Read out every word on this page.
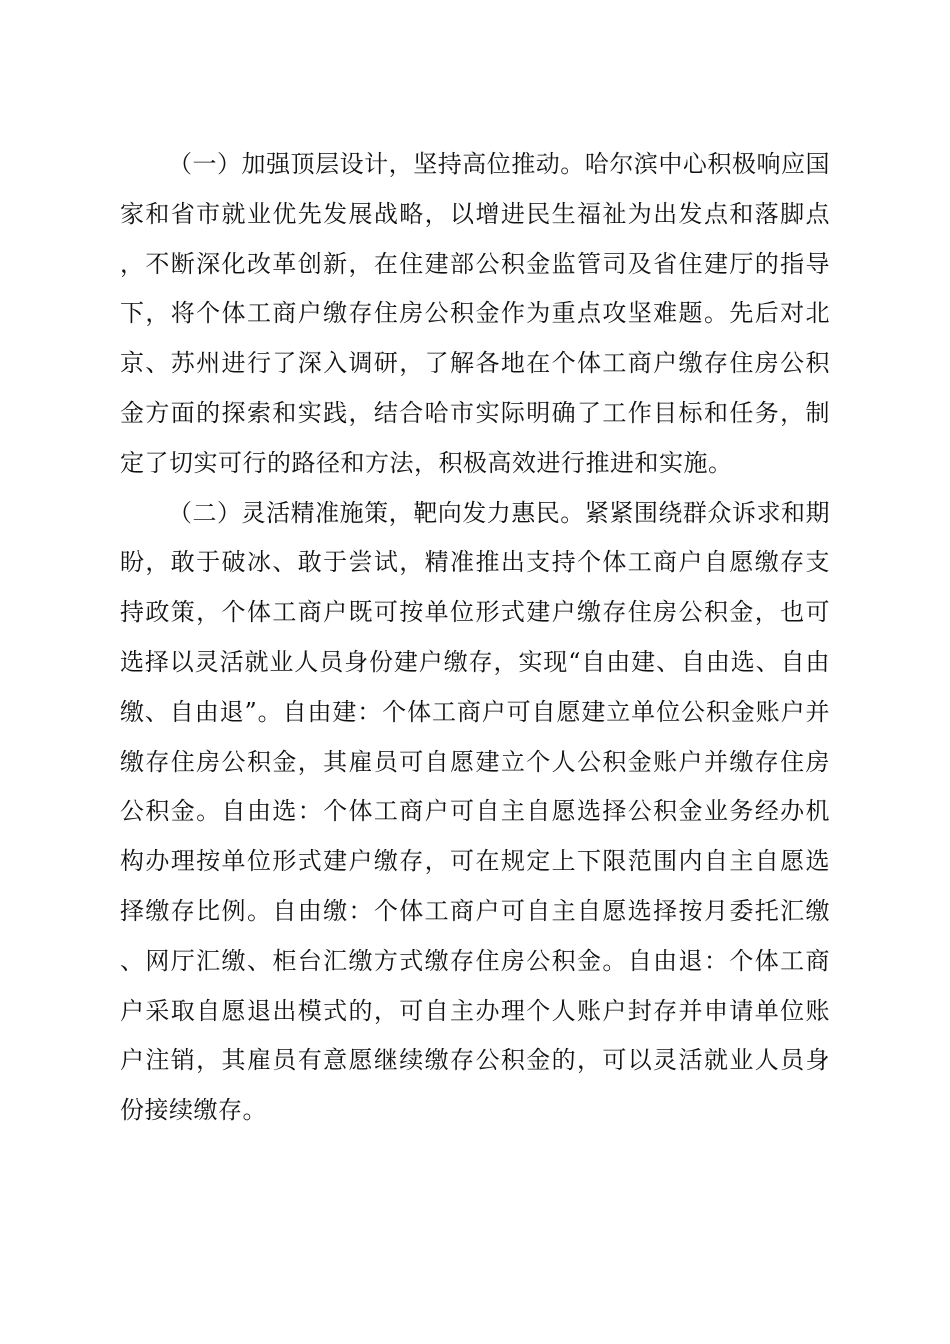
（一）加强顶层设计，坚持高位推动。哈尔滨中心积极响应国家和省市就业优先发展战略，以增进民生福祉为出发点和落脚点，不断深化改革创新，在住建部公积金监管司及省住建厅的指导下，将个体工商户缴存住房公积金作为重点攻坚难题。先后对北京、苏州进行了深入调研，了解各地在个体工商户缴存住房公积金方面的探索和实践，结合哈市实际明确了工作目标和任务，制定了切实可行的路径和方法，积极高效进行推进和实施。

（二）灵活精准施策，靶向发力惠民。紧紧围绕群众诉求和期盼，敢于破冰、敢于尝试，精准推出支持个体工商户自愿缴存支持政策，个体工商户既可按单位形式建户缴存住房公积金，也可选择以灵活就业人员身份建户缴存，实现“自由建、自由选、自由缴、自由退”。自由建：个体工商户可自愿建立单位公积金账户并缴存住房公积金，其雇员可自愿建立个人公积金账户并缴存住房公积金。自由选：个体工商户可自主自愿选择公积金业务经办机构办理按单位形式建户缴存，可在规定上下限范围内自主自愿选择缴存比例。自由缴：个体工商户可自主自愿选择按月委托汇缴、网厅汇缴、柜台汇缴方式缴存住房公积金。自由退：个体工商户采取自愿退出模式的，可自主办理个人账户封存并申请单位账户注销，其雇员有意愿继续缴存公积金的，可以灵活就业人员身份接续缴存。
